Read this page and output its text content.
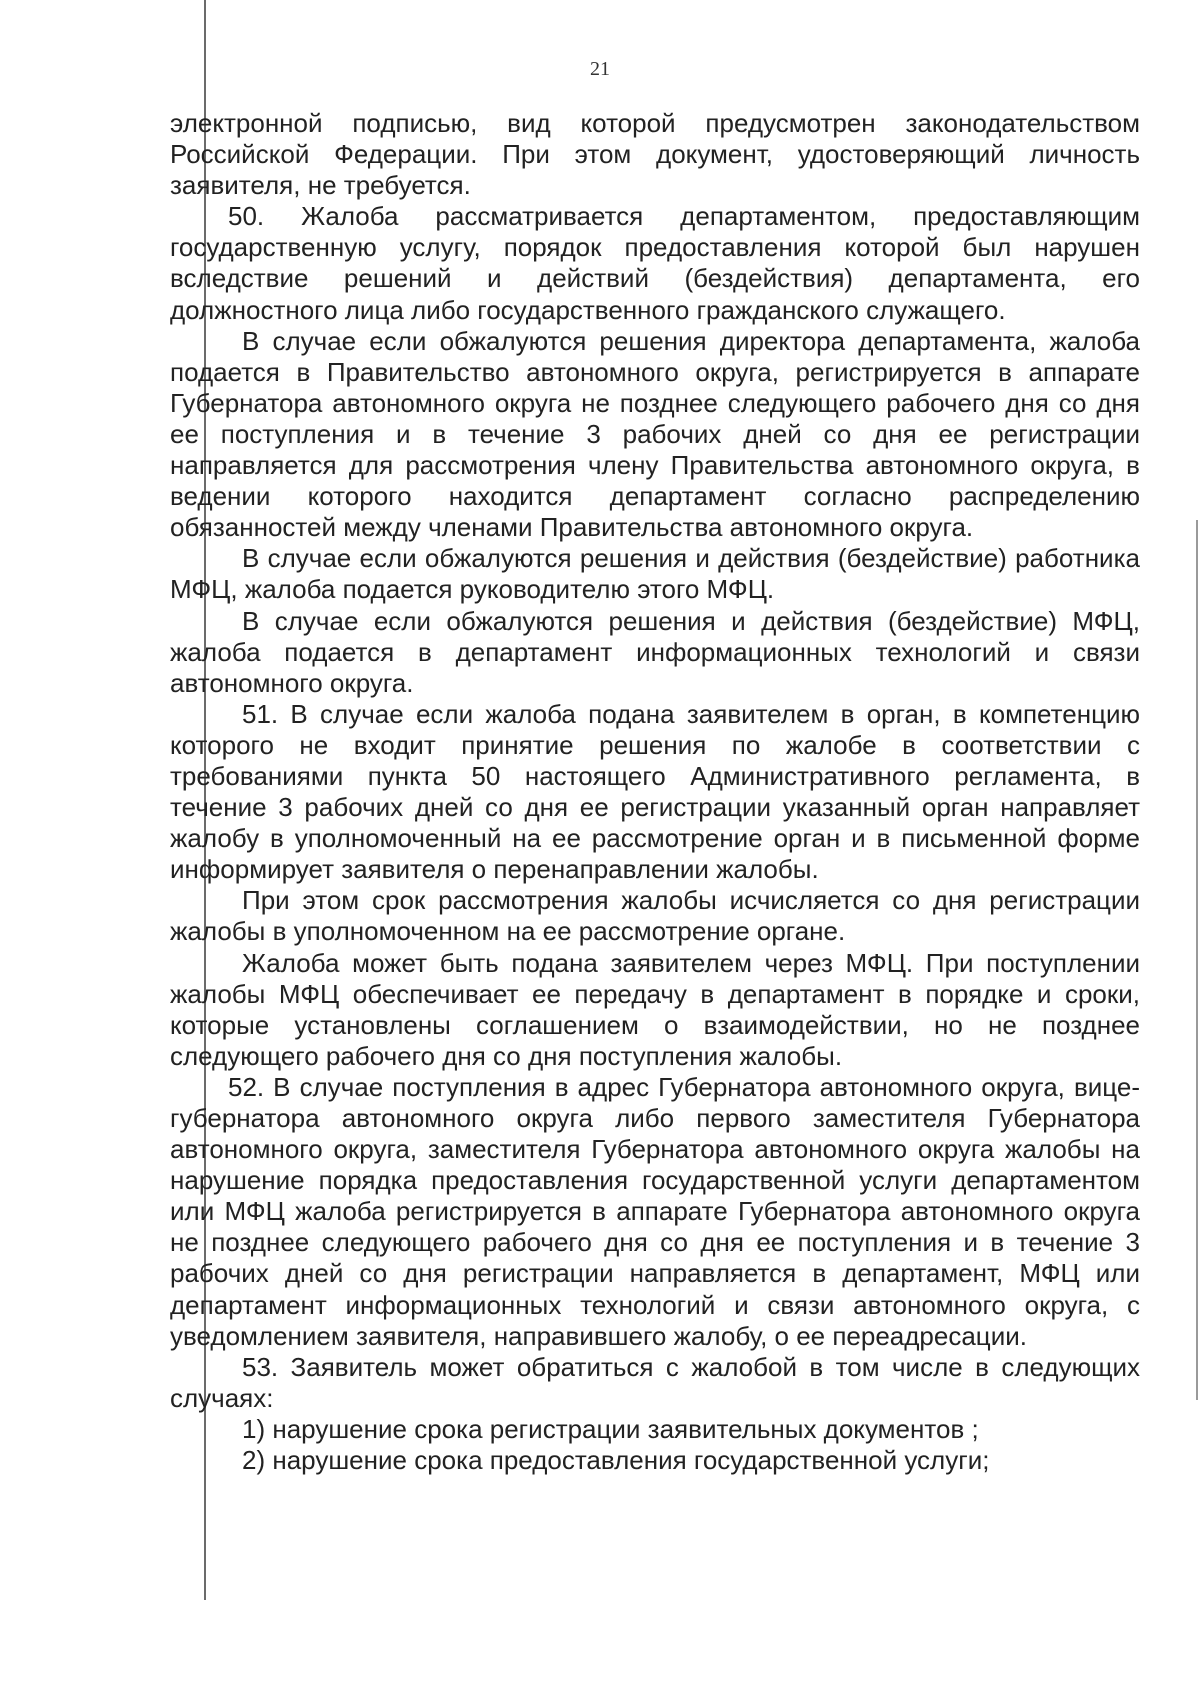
21

электронной подписью, вид которой предусмотрен законодательством Российской Федерации. При этом документ, удостоверяющий личность заявителя, не требуется.

50. Жалоба рассматривается департаментом, предоставляющим государственную услугу, порядок предоставления которой был нарушен вследствие решений и действий (бездействия) департамента, его должностного лица либо государственного гражданского служащего.

В случае если обжалуются решения директора департамента, жалоба подается в Правительство автономного округа, регистрируется в аппарате Губернатора автономного округа не позднее следующего рабочего дня со дня ее поступления и в течение 3 рабочих дней со дня ее регистрации направляется для рассмотрения члену Правительства автономного округа, в ведении которого находится департамент согласно распределению обязанностей между членами Правительства автономного округа.

В случае если обжалуются решения и действия (бездействие) работника МФЦ, жалоба подается руководителю этого МФЦ.

В случае если обжалуются решения и действия (бездействие) МФЦ, жалоба подается в департамент информационных технологий и связи автономного округа.

51. В случае если жалоба подана заявителем в орган, в компетенцию которого не входит принятие решения по жалобе в соответствии с требованиями пункта 50 настоящего Административного регламента, в течение 3 рабочих дней со дня ее регистрации указанный орган направляет жалобу в уполномоченный на ее рассмотрение орган и в письменной форме информирует заявителя о перенаправлении жалобы.

При этом срок рассмотрения жалобы исчисляется со дня регистрации жалобы в уполномоченном на ее рассмотрение органе.

Жалоба может быть подана заявителем через МФЦ. При поступлении жалобы МФЦ обеспечивает ее передачу в департамент в порядке и сроки, которые установлены соглашением о взаимодействии, но не позднее следующего рабочего дня со дня поступления жалобы.

52. В случае поступления в адрес Губернатора автономного округа, вице-губернатора автономного округа либо первого заместителя Губернатора автономного округа, заместителя Губернатора автономного округа жалобы на нарушение порядка предоставления государственной услуги департаментом или МФЦ жалоба регистрируется в аппарате Губернатора автономного округа не позднее следующего рабочего дня со дня ее поступления и в течение 3 рабочих дней со дня регистрации направляется в департамент, МФЦ или департамент информационных технологий и связи автономного округа, с уведомлением заявителя, направившего жалобу, о ее переадресации.

53. Заявитель может обратиться с жалобой в том числе в следующих случаях:

1) нарушение срока регистрации заявительных документов ;

2) нарушение срока предоставления государственной услуги;
